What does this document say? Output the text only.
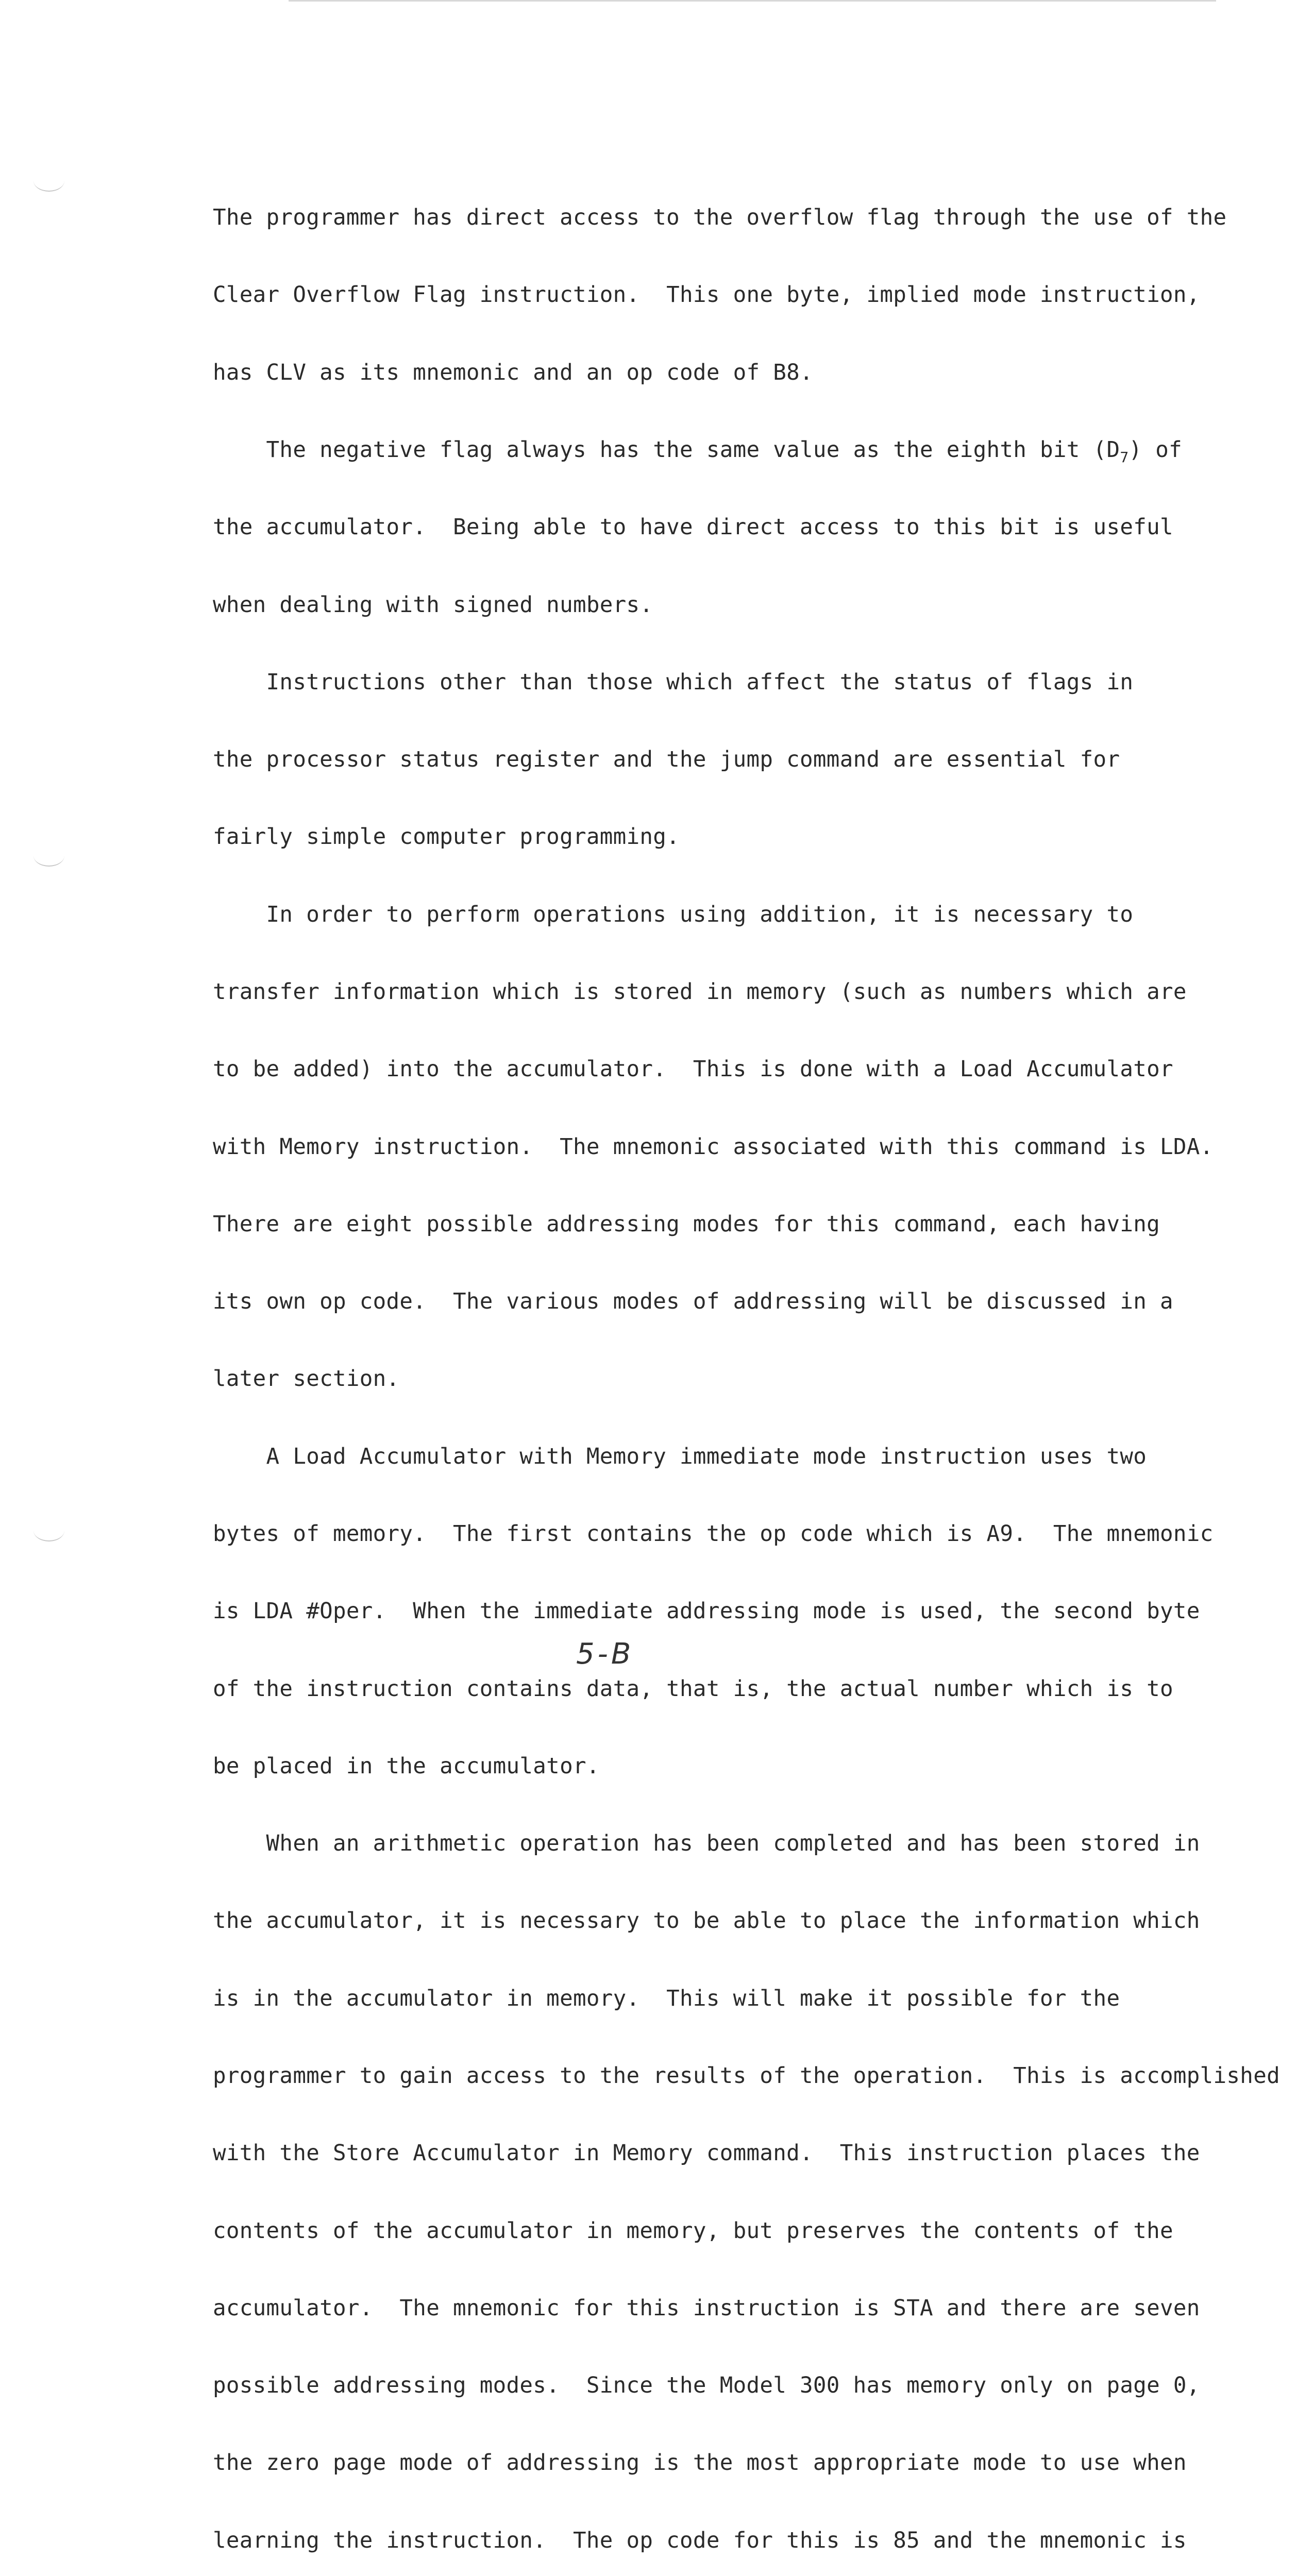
The programmer has direct access to the overflow flag through the use of the

Clear Overflow Flag instruction.  This one byte, implied mode instruction,

has CLV as its mnemonic and an op code of B8.

The negative flag always has the same value as the eighth bit $(D_7)$ of

the accumulator.  Being able to have direct access to this bit is useful

when dealing with signed numbers.

Instructions other than those which affect the status of flags in

the processor status register and the jump command are essential for

fairly simple computer programming.

In order to perform operations using addition, it is necessary to

transfer information which is stored in memory (such as numbers which are

to be added) into the accumulator.  This is done with a Load Accumulator

with Memory instruction.  The mnemonic associated with this command is LDA.

There are eight possible addressing modes for this command, each having

its own op code.  The various modes of addressing will be discussed in a

later section.

A Load Accumulator with Memory immediate mode instruction uses two

bytes of memory.  The first contains the op code which is A9.  The mnemonic

is LDA #Oper.  When the immediate addressing mode is used, the second byte

of the instruction contains data, that is, the actual number which is to

be placed in the accumulator.

When an arithmetic operation has been completed and has been stored in

the accumulator, it is necessary to be able to place the information which

is in the accumulator in memory.  This will make it possible for the

programmer to gain access to the results of the operation.  This is accomplished

with the Store Accumulator in Memory command.  This instruction places the

contents of the accumulator in memory, but preserves the contents of the

accumulator.  The mnemonic for this instruction is STA and there are seven

possible addressing modes.  Since the Model 300 has memory only on page 0,

the zero page mode of addressing is the most appropriate mode to use when

learning the instruction.  The op code for this is 85 and the mnemonic is

5-B
